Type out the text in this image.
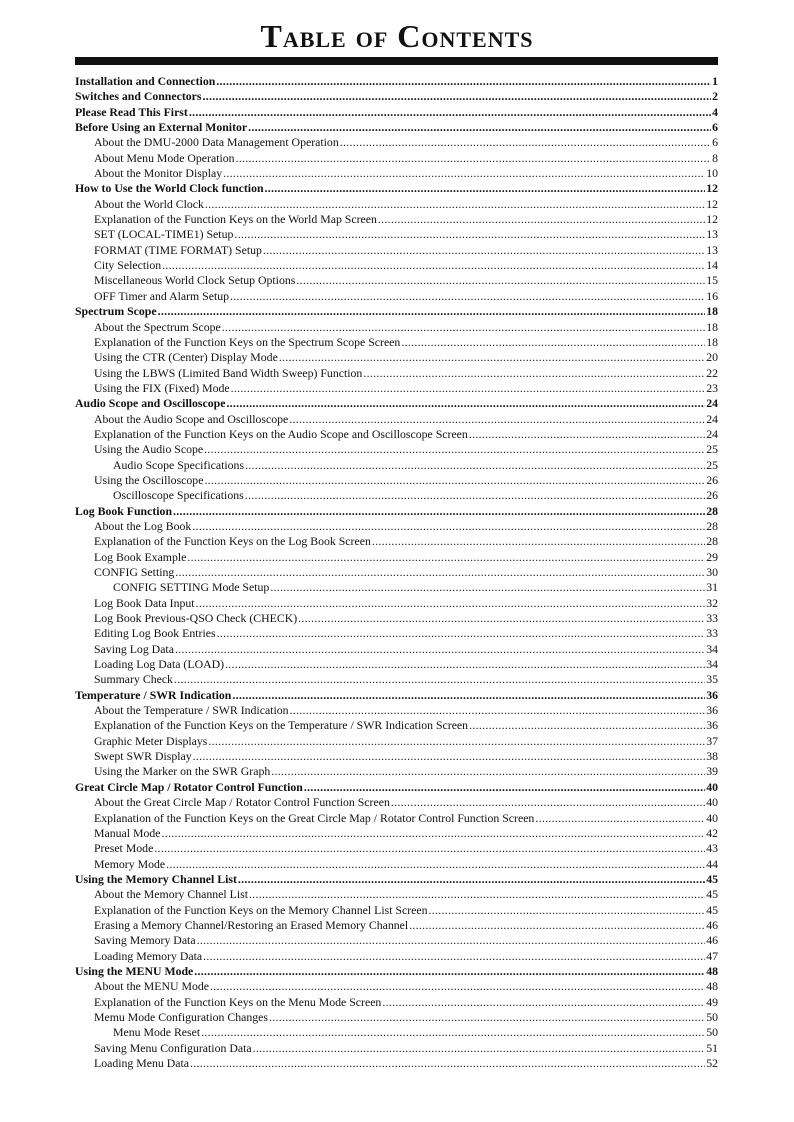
Table of Contents
Installation and Connection .....	1
Switches and Connectors .....	2
Please Read This First .....	4
Before Using an External Monitor .....	6
About the DMU-2000 Data Management Operation .....	6
About Menu Mode Operation .....	8
About the Monitor Display .....	10
How to Use the World Clock function .....	12
About the World Clock .....	12
Explanation of the Function Keys on the World Map Screen .....	12
SET (LOCAL-TIME1) Setup .....	13
FORMAT (TIME FORMAT) Setup .....	13
City Selection .....	14
Miscellaneous World Clock Setup Options .....	15
OFF Timer and Alarm Setup .....	16
Spectrum Scope .....	18
About the Spectrum Scope .....	18
Explanation of the Function Keys on the Spectrum Scope Screen .....	18
Using the CTR (Center) Display Mode .....	20
Using the LBWS (Limited Band Width Sweep) Function .....	22
Using the FIX (Fixed) Mode .....	23
Audio Scope and Oscilloscope .....	24
About the Audio Scope and Oscilloscope .....	24
Explanation of the Function Keys on the Audio Scope and Oscilloscope Screen .....	24
Using the Audio Scope .....	25
Audio Scope Specifications .....	25
Using the Oscilloscope .....	26
Oscilloscope Specifications .....	26
Log Book Function .....	28
About the Log Book .....	28
Explanation of the Function Keys on the Log Book Screen .....	28
Log Book Example .....	29
CONFIG Setting .....	30
CONFIG SETTING Mode Setup .....	31
Log Book Data Input .....	32
Log Book Previous-QSO Check (CHECK) .....	33
Editing Log Book Entries .....	33
Saving Log Data .....	34
Loading Log Data (LOAD) .....	34
Summary Check .....	35
Temperature / SWR Indication .....	36
About the Temperature / SWR Indication .....	36
Explanation of the Function Keys on the Temperature / SWR Indication Screen .....	36
Graphic Meter Displays .....	37
Swept SWR Display .....	38
Using the Marker on the SWR Graph .....	39
Great Circle Map / Rotator Control Function .....	40
About the Great Circle Map / Rotator Control Function Screen .....	40
Explanation of the Function Keys on the Great Circle Map / Rotator Control Function Screen .....	40
Manual Mode .....	42
Preset Mode .....	43
Memory Mode .....	44
Using the Memory Channel List .....	45
About the Memory Channel List .....	45
Explanation of the Function Keys on the Memory Channel List Screen .....	45
Erasing a Memory Channel/Restoring an Erased Memory Channel .....	46
Saving Memory Data .....	46
Loading Memory Data .....	47
Using the MENU Mode .....	48
About the MENU Mode .....	48
Explanation of the Function Keys on the Menu Mode Screen .....	49
Memu Mode Configuration Changes .....	50
Menu Mode Reset .....	50
Saving Menu Configuration Data .....	51
Loading Menu Data .....	52
